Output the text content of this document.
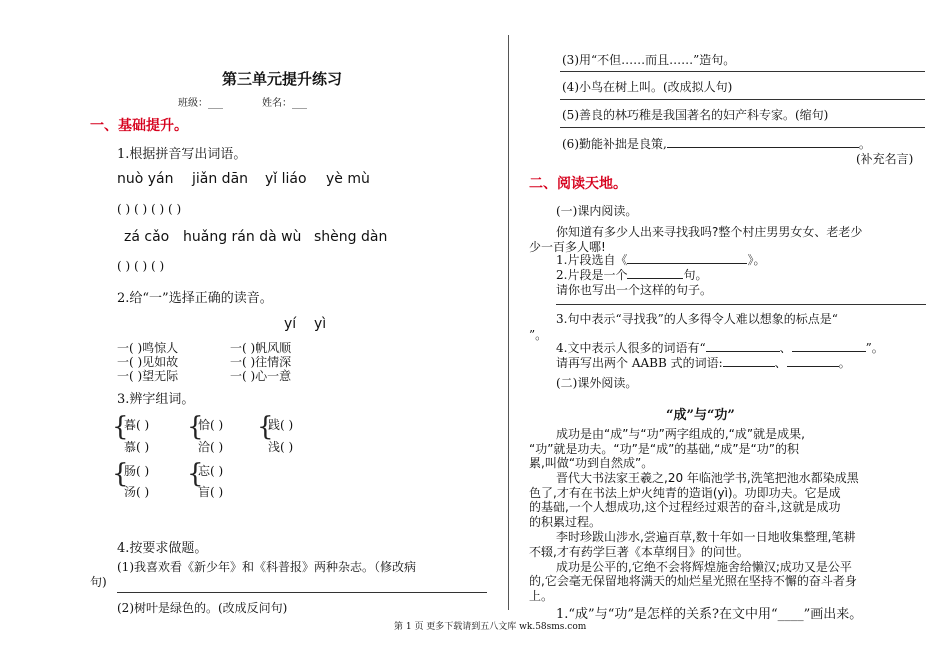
第三单元提升练习
班级：___	姓名：___
一、基础提升。
1.根据拼音写出词语。
nuò yán jiǎn dān yǐ liáo yè mù
( ) ( ) ( ) ( )
zá cǎo huǎng rán dà wù shèng dàn
( ) ( ) ( )
2.给“一”选择正确的读音。
yí yì
一( )鸣惊人	一( )帆风顺
一( )见如故	一( )往情深
一( )望无际	一( )心一意
3.辨字组词。
{
暮( )
慕( )
{
恰( )
洽( )
{
践( )
浅( )
{
肠( )
汤( )
{
忘( )
盲( )
4.按要求做题。
(1)我喜欢看《新少年》和《科普报》两种杂志。（修改病
句)
(2)树叶是绿色的。(改成反问句)
(3)用“不但……而且……”造句。
(4)小鸟在树上叫。(改成拟人句)
(5)善良的林巧稚是我国著名的妇产科专家。(缩句)
(6)勤能补拙是良策,	。
(补充名言)
二、阅读天地。
(一)课内阅读。
你知道有多少人出来寻找我吗?整个村庄男男女女、老老少
少一百多人哪!
1.片段选自《	》。
2.片段是一个	句。
请你也写出一个这样的句子。
3.句中表示“寻找我”的人多得令人难以想象的标点是“
”。
4.文中表示人很多的词语有“	、	”。
请再写出两个 AABB 式的词语:	、	。
(二)课外阅读。
“成”与“功”
成功是由“成”与“功”两字组成的,“成”就是成果,
“功”就是功夫。“功”是“成”的基础,“成”是“功”的积
累,叫做“功到自然成”。
晋代大书法家王羲之,20 年临池学书,洗笔把池水都染成黑
色了,才有在书法上炉火纯青的造诣(yì)。功即功夫。它是成
的基础,一个人想成功,这个过程经过艰苦的奋斗,这就是成功
的积累过程。
李时珍跋山涉水,尝遍百草,数十年如一日地收集整理,笔耕
不辍,才有药学巨著《本草纲目》的问世。
成功是公平的,它绝不会将辉煌施舍给懒汉;成功又是公平
的,它会毫无保留地将满天的灿烂星光照在坚持不懈的奋斗者身
上。
1.“成”与“功”是怎样的关系?在文中用“____”画出来。
第 1 页 更多下载请到五八文库 wk.58sms.com
